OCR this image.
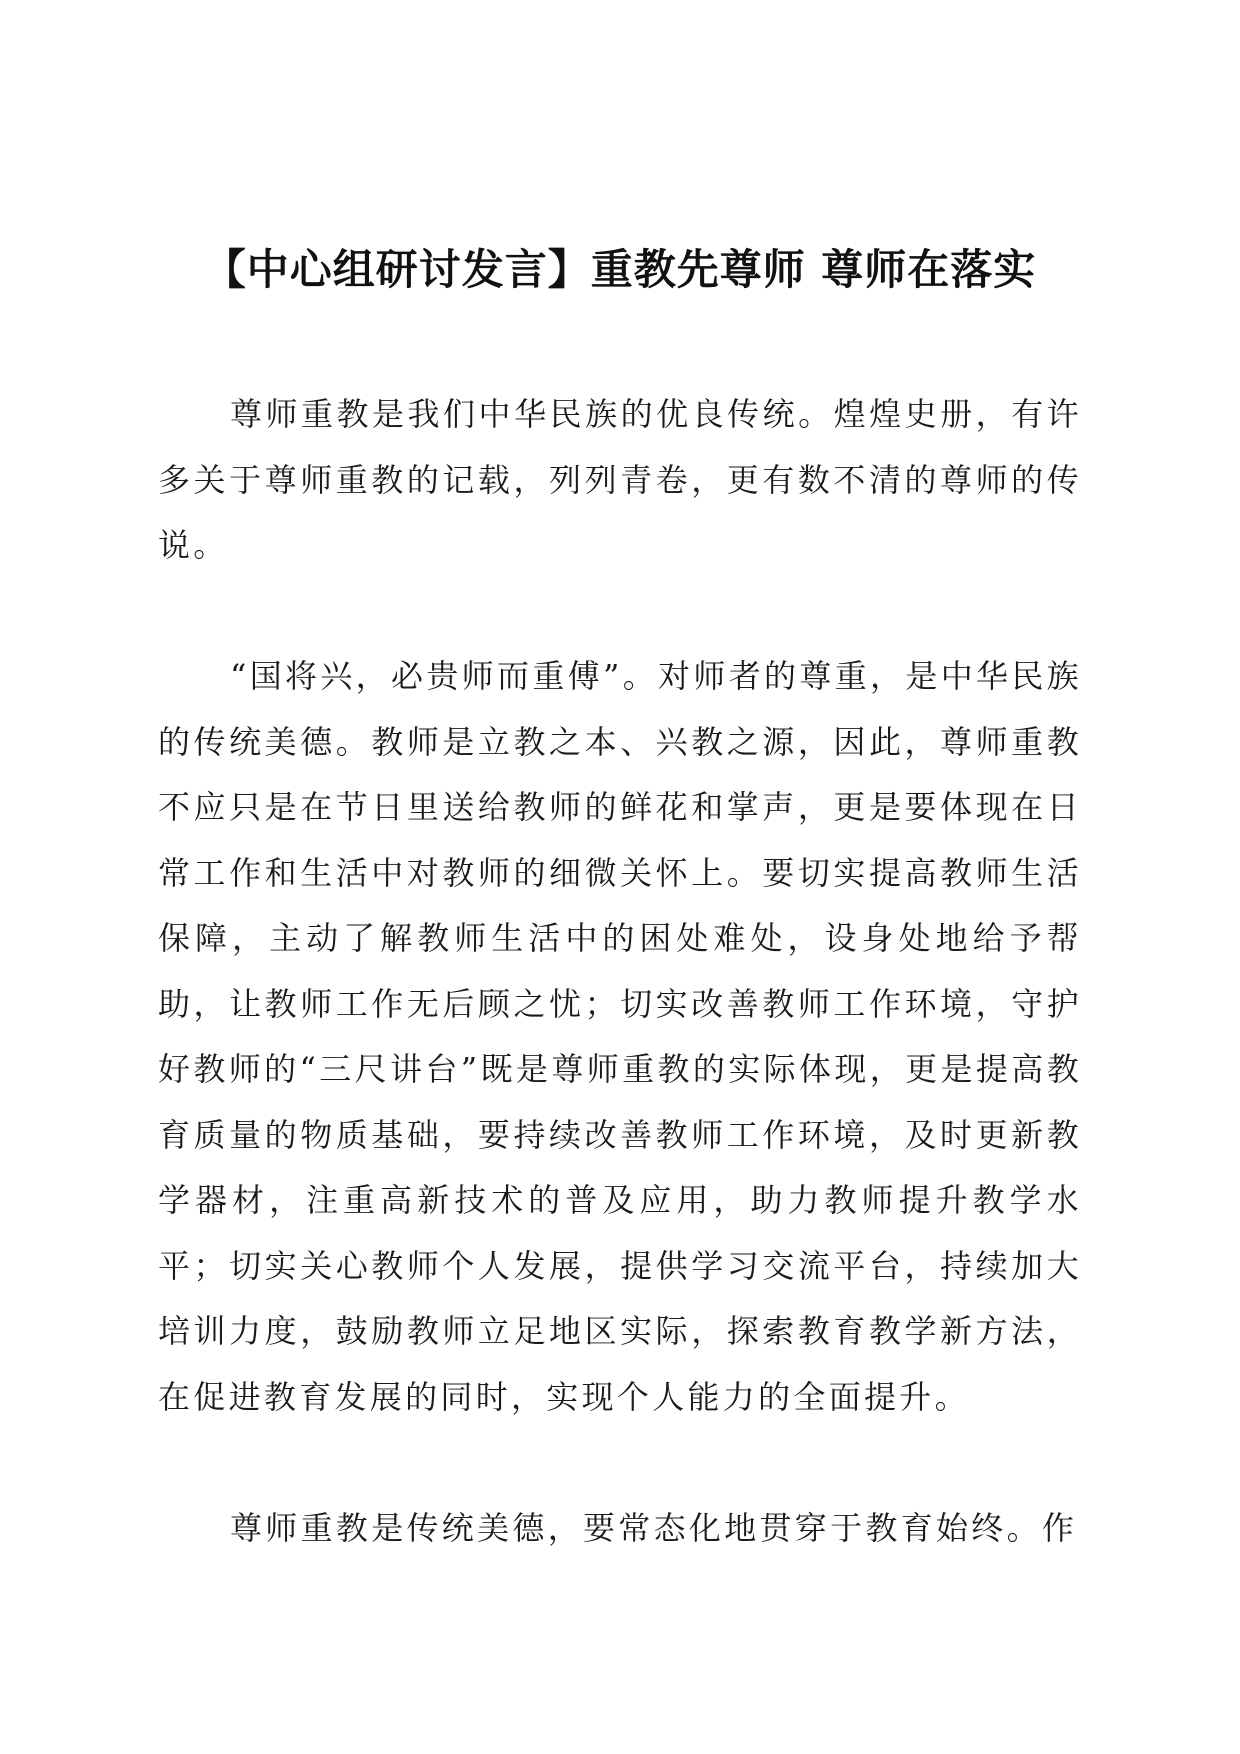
【中心组研讨发言】重教先尊师 尊师在落实

尊师重教是我们中华民族的优良传统。煌煌史册，有许多关于尊师重教的记载，列列青卷，更有数不清的尊师的传说。

“国将兴，必贵师而重傅”。对师者的尊重，是中华民族的传统美德。教师是立教之本、兴教之源，因此，尊师重教不应只是在节日里送给教师的鲜花和掌声，更是要体现在日常工作和生活中对教师的细微关怀上。要切实提高教师生活保障，主动了解教师生活中的困处难处，设身处地给予帮助，让教师工作无后顾之忧；切实改善教师工作环境，守护好教师的“三尺讲台”既是尊师重教的实际体现，更是提高教育质量的物质基础，要持续改善教师工作环境，及时更新教学器材，注重高新技术的普及应用，助力教师提升教学水平；切实关心教师个人发展，提供学习交流平台，持续加大培训力度，鼓励教师立足地区实际，探索教育教学新方法，在促进教育发展的同时，实现个人能力的全面提升。

尊师重教是传统美德，要常态化地贯穿于教育始终。作
